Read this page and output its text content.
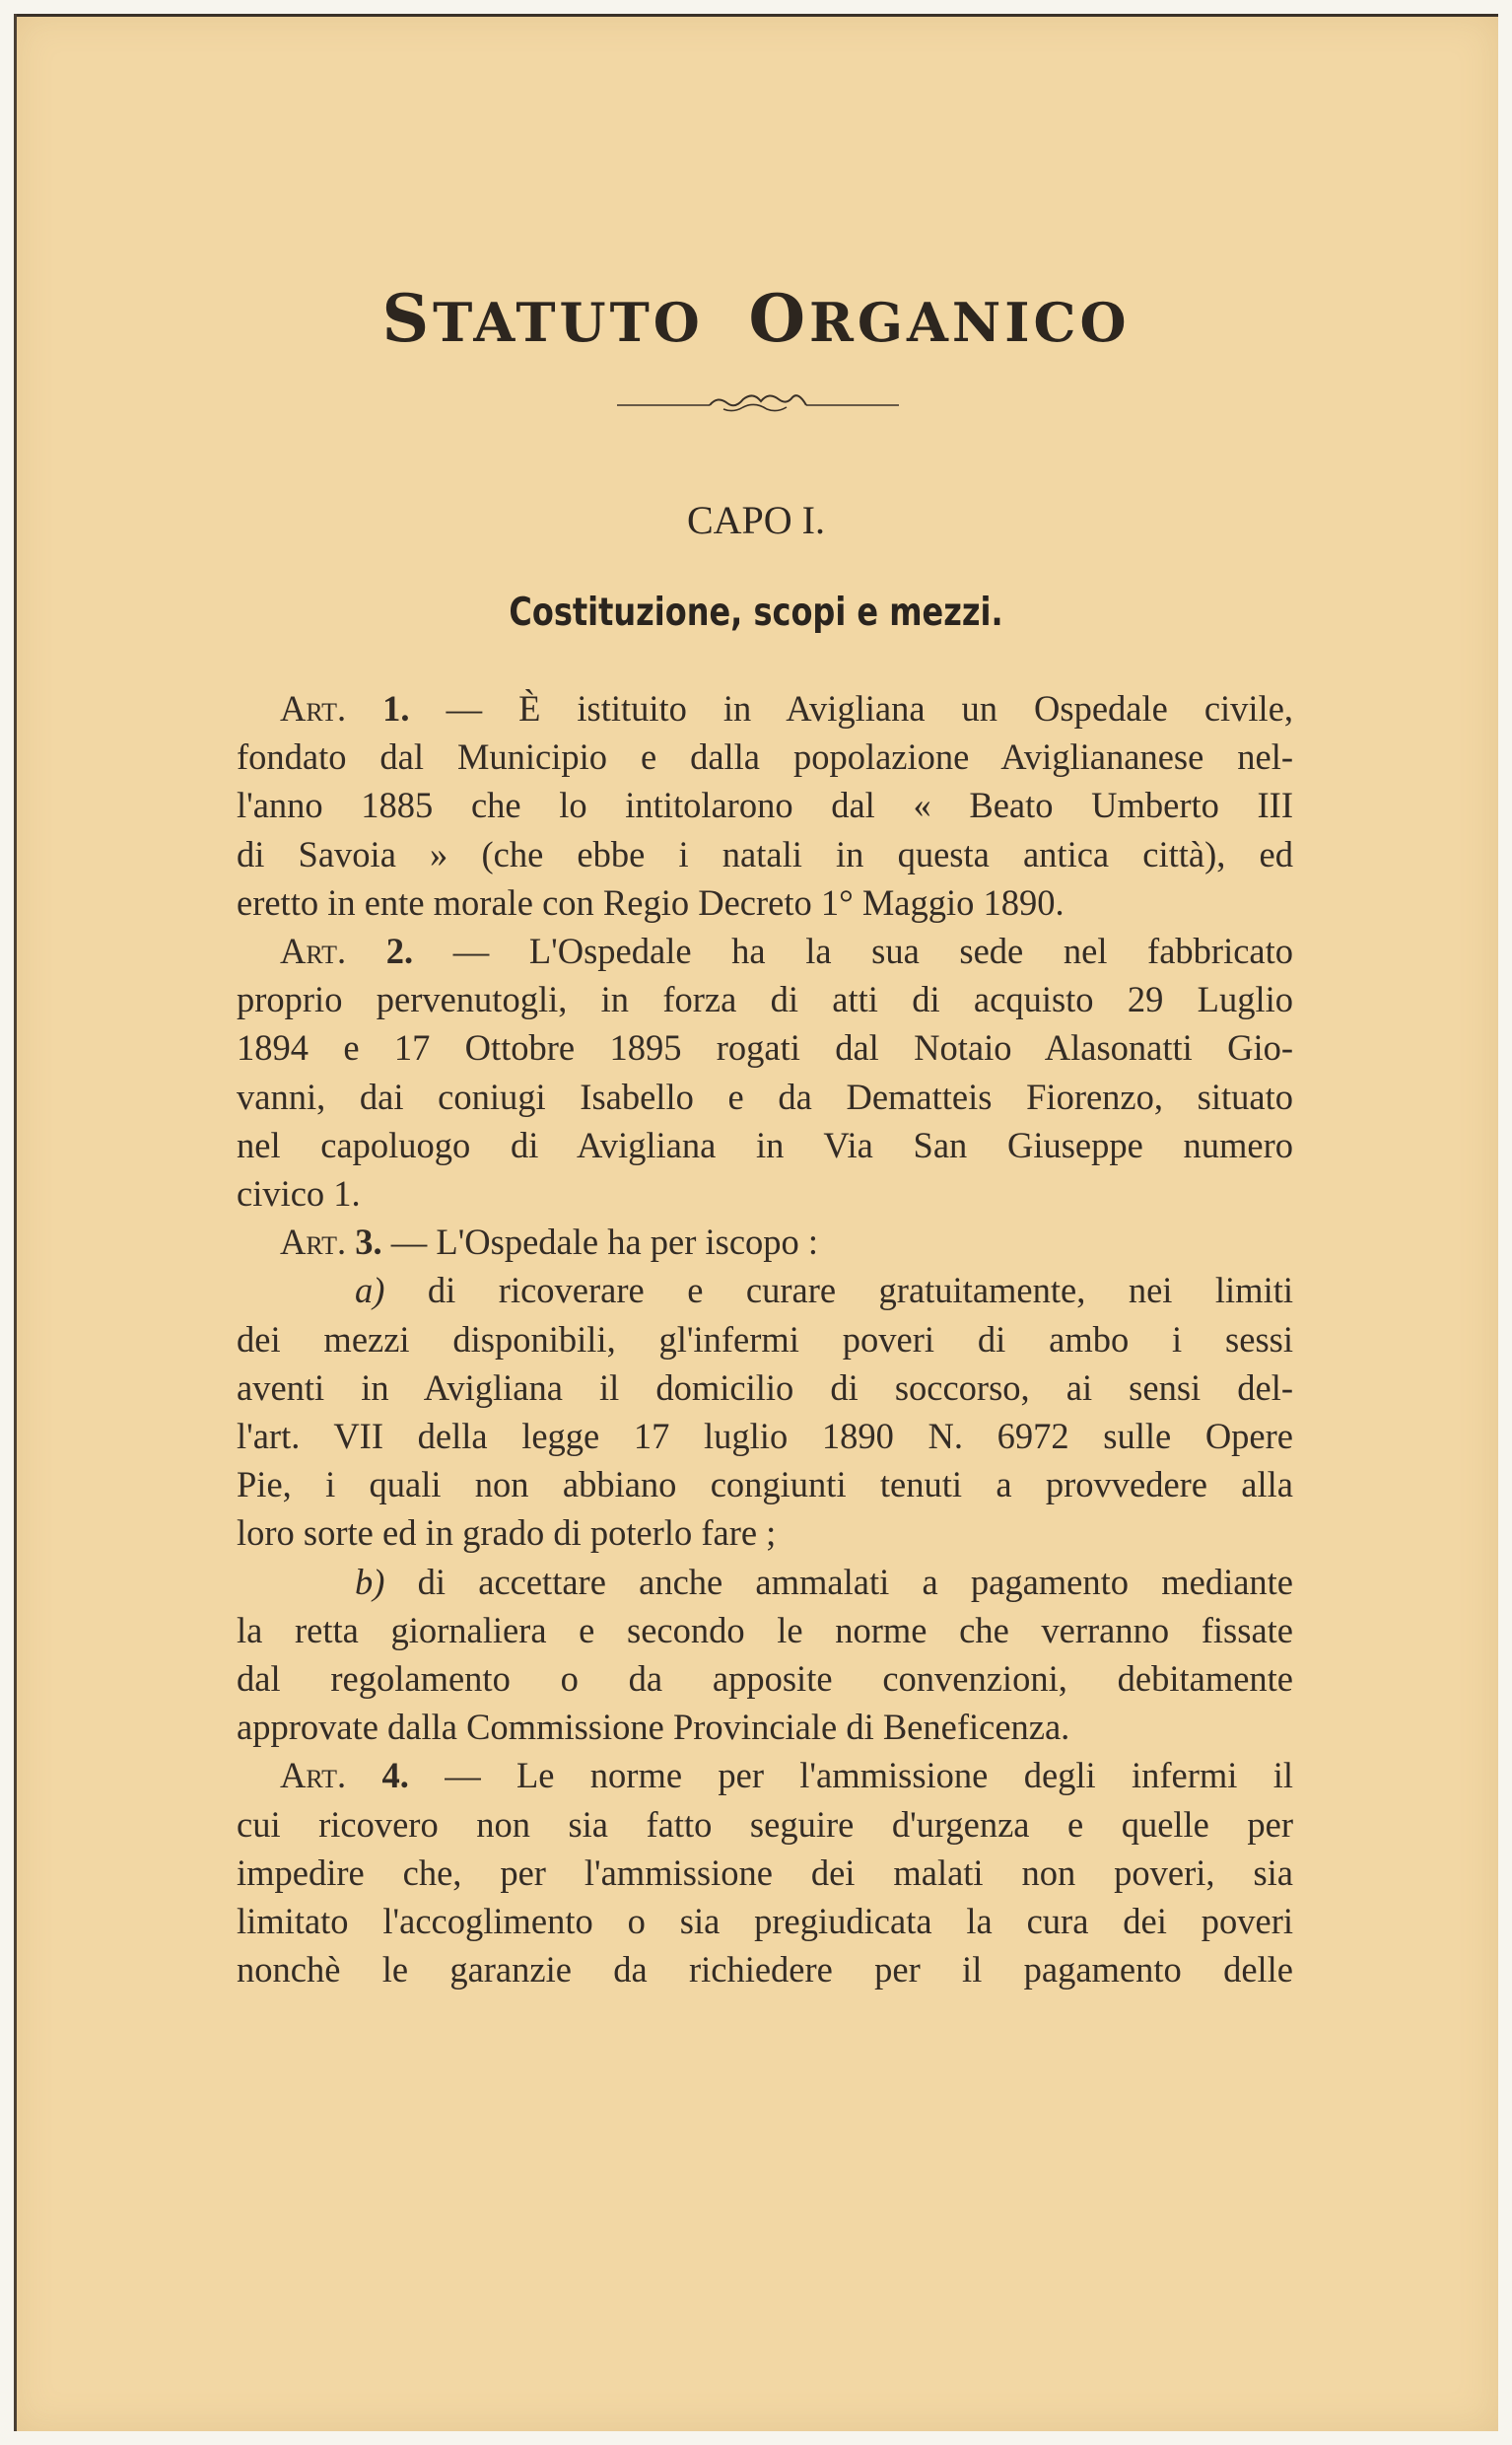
STATUTO ORGANICO
CAPO I.
Costituzione, scopi e mezzi.

Art. 1. — È istituito in Avigliana un Ospedale civile,

fondato dal Municipio e dalla popolazione Avigliananese nel-

l'anno 1885 che lo intitolarono dal « Beato Umberto III

di Savoia » (che ebbe i natali in questa antica città), ed

eretto in ente morale con Regio Decreto 1° Maggio 1890.

Art. 2. — L'Ospedale ha la sua sede nel fabbricato

proprio pervenutogli, in forza di atti di acquisto 29 Luglio

1894 e 17 Ottobre 1895 rogati dal Notaio Alasonatti Gio-

vanni, dai coniugi Isabello e da Dematteis Fiorenzo, situato

nel capoluogo di Avigliana in Via San Giuseppe numero

civico 1.

Art. 3. — L'Ospedale ha per iscopo :

a) di ricoverare e curare gratuitamente, nei limiti

dei mezzi disponibili, gl'infermi poveri di ambo i sessi

aventi in Avigliana il domicilio di soccorso, ai sensi del-

l'art. VII della legge 17 luglio 1890 N. 6972 sulle Opere

Pie, i quali non abbiano congiunti tenuti a provvedere alla

loro sorte ed in grado di poterlo fare ;

b) di accettare anche ammalati a pagamento mediante

la retta giornaliera e secondo le norme che verranno fissate

dal regolamento o da apposite convenzioni, debitamente

approvate dalla Commissione Provinciale di Beneficenza.

Art. 4. — Le norme per l'ammissione degli infermi il

cui ricovero non sia fatto seguire d'urgenza e quelle per

impedire che, per l'ammissione dei malati non poveri, sia

limitato l'accoglimento o sia pregiudicata la cura dei poveri

nonchè le garanzie da richiedere per il pagamento delle
